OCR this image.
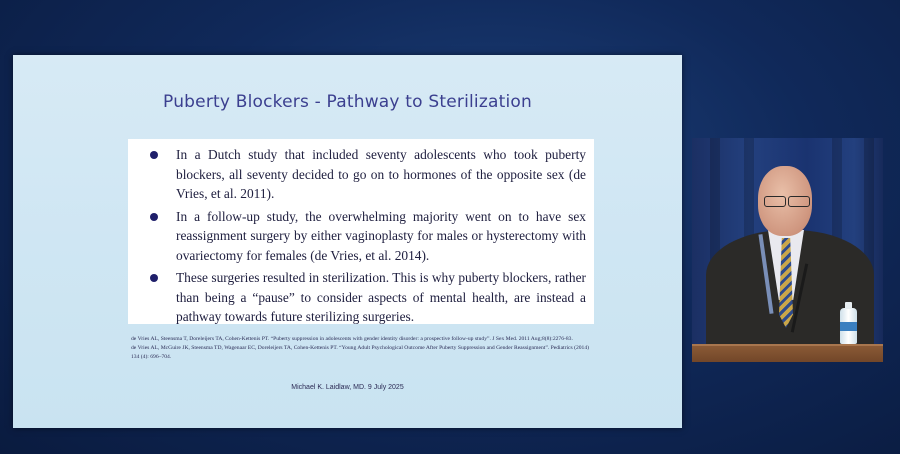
Puberty Blockers - Pathway to Sterilization
In a Dutch study that included seventy adolescents who took puberty blockers, all seventy decided to go on to hormones of the opposite sex (de Vries, et al. 2011).
In a follow-up study, the overwhelming majority went on to have sex reassignment surgery by either vaginoplasty for males or hysterectomy with ovariectomy for females (de Vries, et al. 2014).
These surgeries resulted in sterilization. This is why puberty blockers, rather than being a “pause” to consider aspects of mental health, are instead a pathway towards future sterilizing surgeries.
de Vries AL, Steensma T, Doreleijers TA, Cohen-Kettenis PT. “Puberty suppression in adolescents with gender identity disorder: a prospective follow-up study”. J Sex Med. 2011 Aug;8(8):2276-83.
de Vries AL, McGuire JK, Steensma TD, Wagenaar EC, Doreleijers TA, Cohen-Kettenis PT. “Young Adult Psychological Outcome After Puberty Suppression and Gender Reassignment”. Pediatrics (2014) 134 (4): 696–704.
Michael K. Laidlaw, MD. 9 July 2025
